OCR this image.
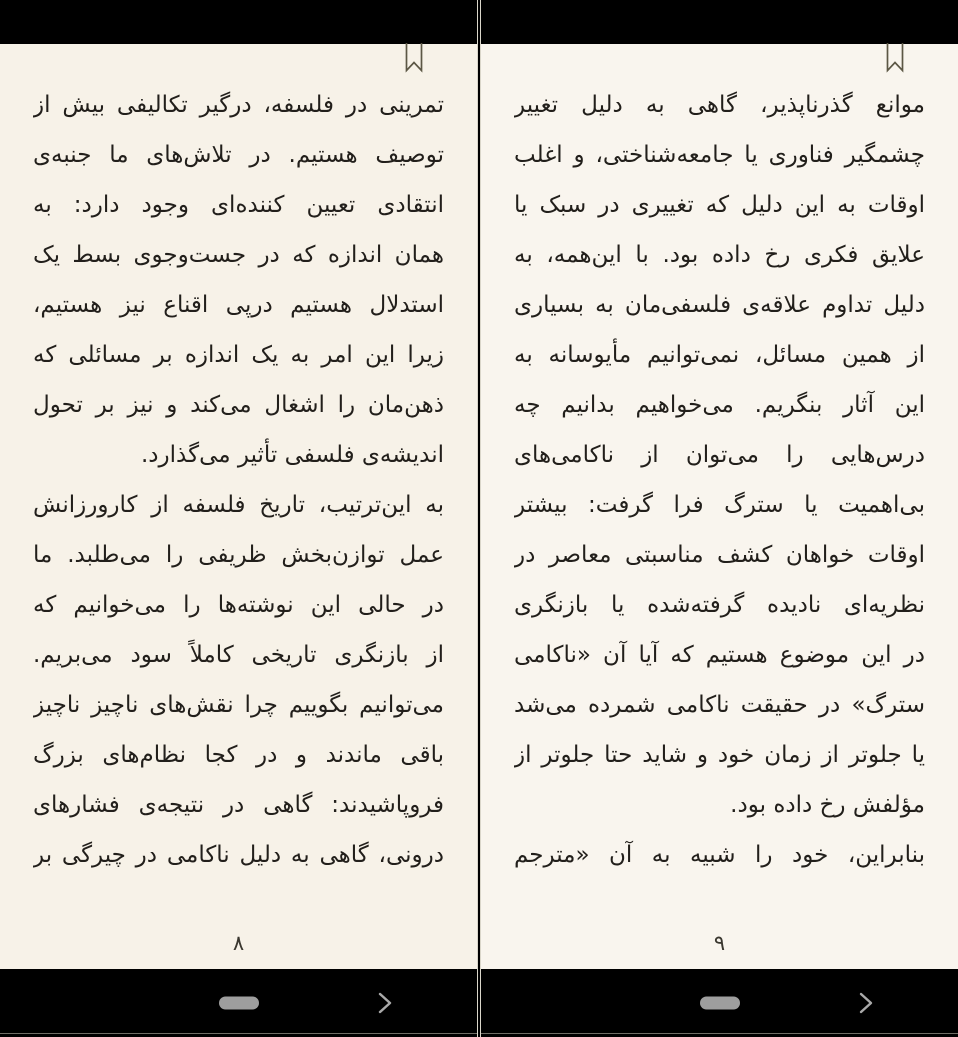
تمرینی در فلسفه، درگیر تکالیفی بیش از
توصیف هستیم. در تلاش‌های ما جنبه‌ی
انتقادی تعیین کننده‌ای وجود دارد: به
همان اندازه که در جست‌وجوی بسط یک
استدلال هستیم درپی اقناع نیز هستیم،
زیرا این امر به یک اندازه بر مسائلی که
ذهن‌مان را اشغال می‌کند و نیز بر تحول
اندیشه‌ی فلسفی تأثیر می‌گذارد.
به این‌ترتیب، تاریخ فلسفه از کارورزانش
عمل توازن‌بخش ظریفی را می‌طلبد. ما
در حالی این نوشته‌ها را می‌خوانیم که
از بازنگری تاریخی کاملاً سود می‌بریم.
می‌توانیم بگوییم چرا نقش‌های ناچیز ناچیز
باقی ماندند و در کجا نظام‌های بزرگ
فروپاشیدند: گاهی در نتیجه‌ی فشارهای
درونی، گاهی به دلیل ناکامی در چیرگی بر
۸
موانع گذرناپذیر، گاهی به دلیل تغییر
چشمگیر فناوری یا جامعه‌شناختی، و اغلب
اوقات به این دلیل که تغییری در سبک یا
علایق فکری رخ داده بود. با این‌همه، به
دلیل تداوم علاقه‌ی فلسفی‌مان به بسیاری
از همین مسائل، نمی‌توانیم مأیوسانه به
این آثار بنگریم. می‌خواهیم بدانیم چه
درس‌هایی را می‌توان از ناکامی‌های
بی‌اهمیت یا سترگ فرا گرفت: بیشتر
اوقات خواهان کشف مناسبتی معاصر در
نظریه‌ای نادیده گرفته‌شده یا بازنگری
در این موضوع هستیم که آیا آن «ناکامی
سترگ» در حقیقت ناکامی شمرده می‌شد
یا جلوتر از زمان خود و شاید حتا جلوتر از
مؤلفش رخ داده بود.
بنابراین، خود را شبیه به آن «مترجم
۹
